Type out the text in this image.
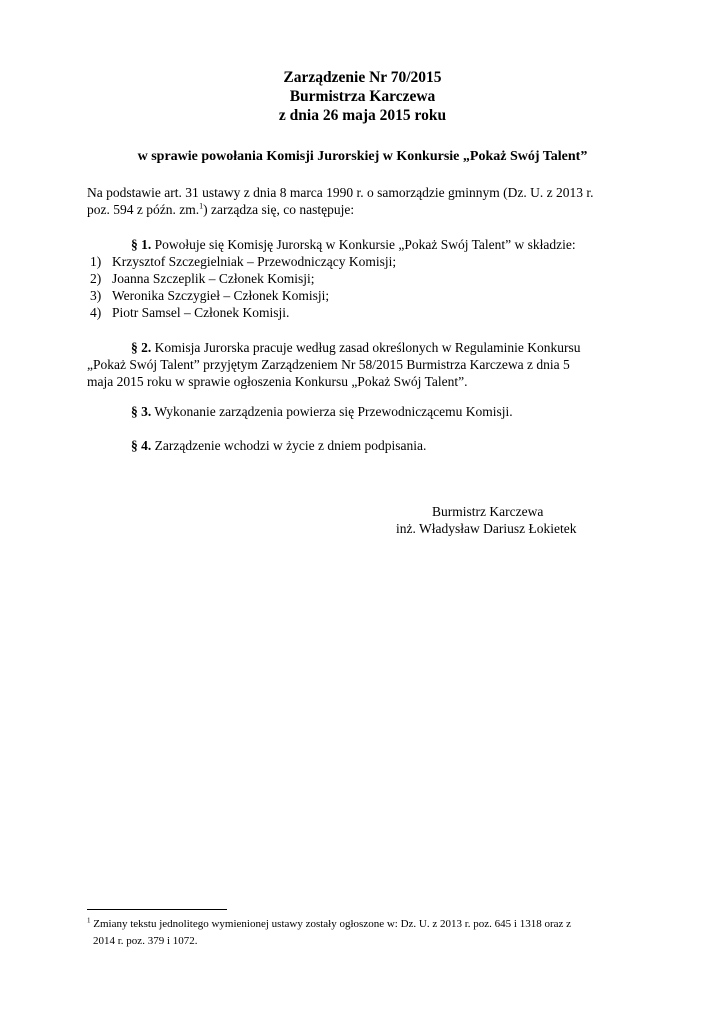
Zarządzenie Nr 70/2015
Burmistrza Karczewa
z dnia 26 maja 2015 roku
w sprawie powołania Komisji Jurorskiej w Konkursie „Pokaż Swój Talent”
Na podstawie art. 31 ustawy z dnia 8 marca 1990 r. o samorządzie gminnym (Dz. U. z 2013 r.
poz. 594 z późn. zm.$^1$) zarządza się, co następuje:
§ 1. Powołuje się Komisję Jurorską w Konkursie „Pokaż Swój Talent” w składzie:
1) Krzysztof Szczegielniak – Przewodniczący Komisji;
2) Joanna Szczeplik – Członek Komisji;
3) Weronika Szczygieł – Członek Komisji;
4) Piotr Samsel – Członek Komisji.
§ 2. Komisja Jurorska pracuje według zasad określonych w Regulaminie Konkursu
„Pokaż Swój Talent” przyjętym Zarządzeniem Nr 58/2015 Burmistrza Karczewa z dnia 5
maja 2015 roku w sprawie ogłoszenia Konkursu „Pokaż Swój Talent”.
§ 3. Wykonanie zarządzenia powierza się Przewodniczącemu Komisji.
§ 4. Zarządzenie wchodzi w życie z dniem podpisania.
Burmistrz Karczewa
inż. Władysław Dariusz Łokietek
$^1$ Zmiany tekstu jednolitego wymienionej ustawy zostały ogłoszone w: Dz. U. z 2013 r. poz. 645 i 1318 oraz z
2014 r. poz. 379 i 1072.
